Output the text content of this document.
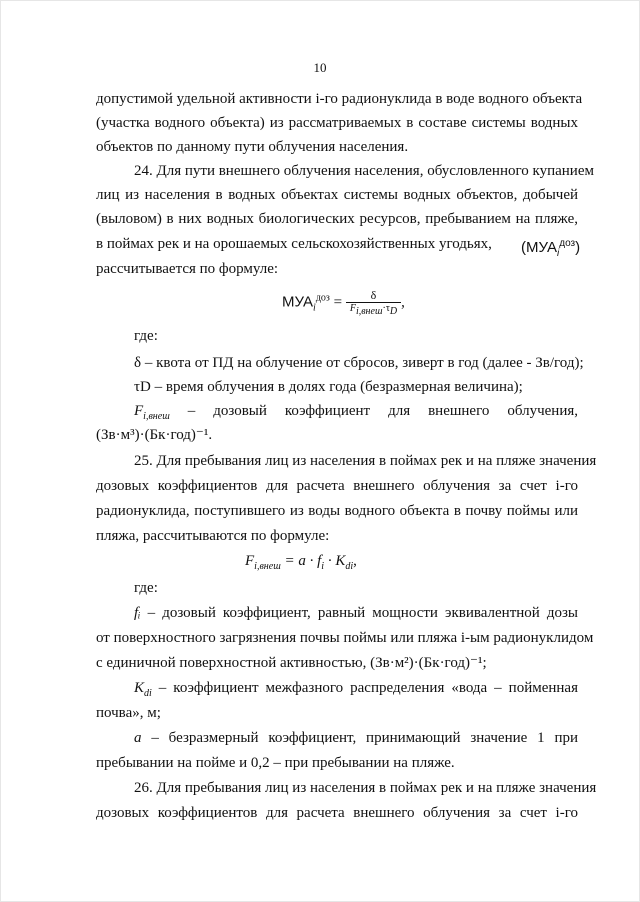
10
допустимой удельной активности i-го радионуклида в воде водного объекта
(участка водного объекта) из рассматриваемых в составе системы водных
объектов по данному пути облучения населения.
24. Для пути внешнего облучения населения, обусловленного купанием
лиц из населения в водных объектах системы водных объектов, добычей
(выловом) в них водных биологических ресурсов, пребыванием на пляже,
в поймах рек и на орошаемых сельскохозяйственных угодьях,	$(МУА_i^{доз})$
рассчитывается по формуле:
$МУА_i^{доз} = \frac{\delta}{F_{i,внеш}\cdot\tau_D}$ ,
где:
δ – квота от ПД на облучение от сбросов, зиверт в год (далее - Зв/год);
τD – время облучения в долях года (безразмерная величина);
$F_{i,внеш}$ – дозовый коэффициент для внешнего облучения,
(Зв·м³)·(Бк·год)⁻¹.
25. Для пребывания лиц из населения в поймах рек и на пляже значения
дозовых коэффициентов для расчета внешнего облучения за счет i-го
радионуклида, поступившего из воды водного объекта в почву поймы или
пляжа, рассчитываются по формуле:
$F_{i,внеш} = a \cdot f_i \cdot K_{di}$,
где:
fᵢ – дозовый коэффициент, равный мощности эквивалентной дозы
от поверхностного загрязнения почвы поймы или пляжа i-ым радионуклидом
с единичной поверхностной активностью, (Зв·м²)·(Бк·год)⁻¹;
$K_{di}$ – коэффициент межфазного распределения «вода – пойменная
почва», м;
a – безразмерный коэффициент, принимающий значение 1 при
пребывании на пойме и 0,2 – при пребывании на пляже.
26. Для пребывания лиц из населения в поймах рек и на пляже значения
дозовых коэффициентов для расчета внешнего облучения за счет i-го
